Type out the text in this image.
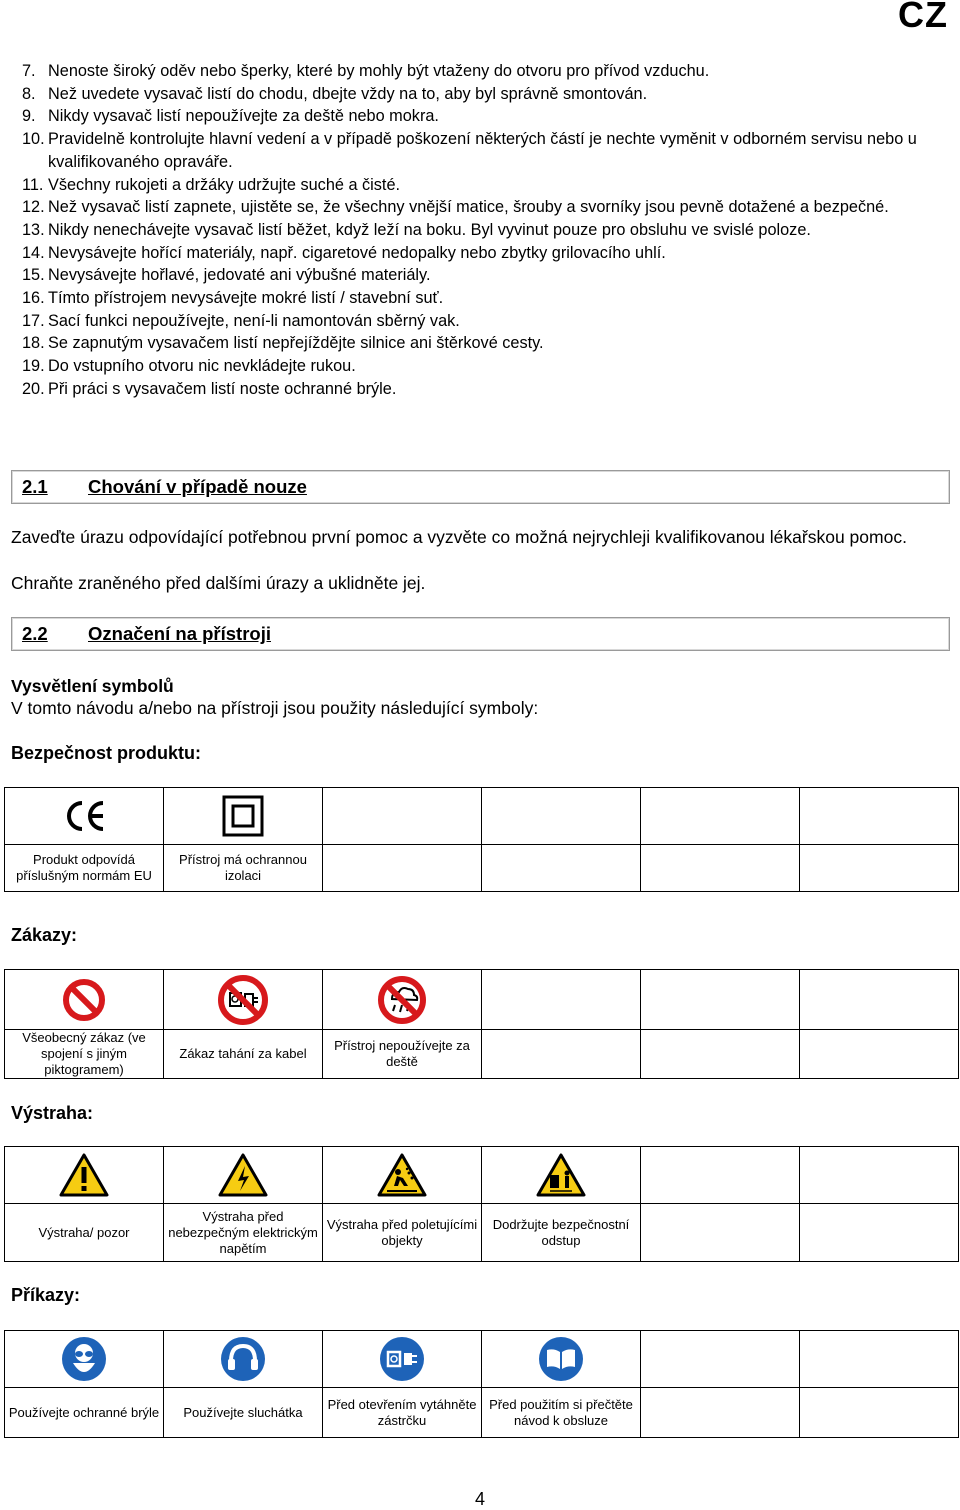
CZ
7. Nenoste široký oděv nebo šperky, které by mohly být vtaženy do otvoru pro přívod vzduchu.
8. Než uvedete vysavač listí do chodu, dbejte vždy na to, aby byl správně smontován.
9. Nikdy vysavač listí nepoužívejte za deště nebo mokra.
10. Pravidelně kontrolujte hlavní vedení a v případě poškození některých částí je nechte vyměnit v odborném servisu nebo u kvalifikovaného opraváře.
11. Všechny rukojeti a držáky udržujte suché a čisté.
12. Než vysavač listí zapnete, ujistěte se, že všechny vnější matice, šrouby a svorníky jsou pevně dotažené a bezpečné.
13. Nikdy nenechávejte vysavač listí běžet, když leží na boku. Byl vyvinut pouze pro obsluhu ve svislé poloze.
14. Nevysávejte hořící materiály, např. cigaretové nedopalky nebo zbytky grilovacího uhlí.
15. Nevysávejte hořlavé, jedovaté ani výbušné materiály.
16. Tímto přístrojem nevysávejte mokré listí / stavební suť.
17. Sací funkci nepoužívejte, není-li namontován sběrný vak.
18. Se zapnutým vysavačem listí nepřejíždějte silnice ani štěrkové cesty.
19. Do vstupního otvoru nic nevkládejte rukou.
20. Při práci s vysavačem listí noste ochranné brýle.
2.1	Chování v případě nouze

Zaveďte úrazu odpovídající potřebnou první pomoc a vyzvěte co možná nejrychleji kvalifikovanou lékařskou pomoc.

Chraňte zraněného před dalšími úrazy a uklidněte jej.

2.2	Označení na přístroji
Vysvětlení symbolů
V tomto návodu a/nebo na přístroji jsou použity následující symboly:
Bezpečnost produktu:

Produkt odpovídá příslušným normám EU	Přístroj má ochrannou izolaci				
Zákazy:

Všeobecný zákaz (ve spojení s jiným piktogramem)	Zákaz tahání za kabel	Přístroj nepoužívejte za deště			
Výstraha:

Výstraha/ pozor	Výstraha před nebezpečným elektrickým napětím	Výstraha před poletujícími objekty	Dodržujte bezpečnostní odstup		
Příkazy:

Používejte ochranné brýle	Používejte sluchátka	Před otevřením vytáhněte zástrčku	Před použitím si přečtěte návod k obsluze		
4
